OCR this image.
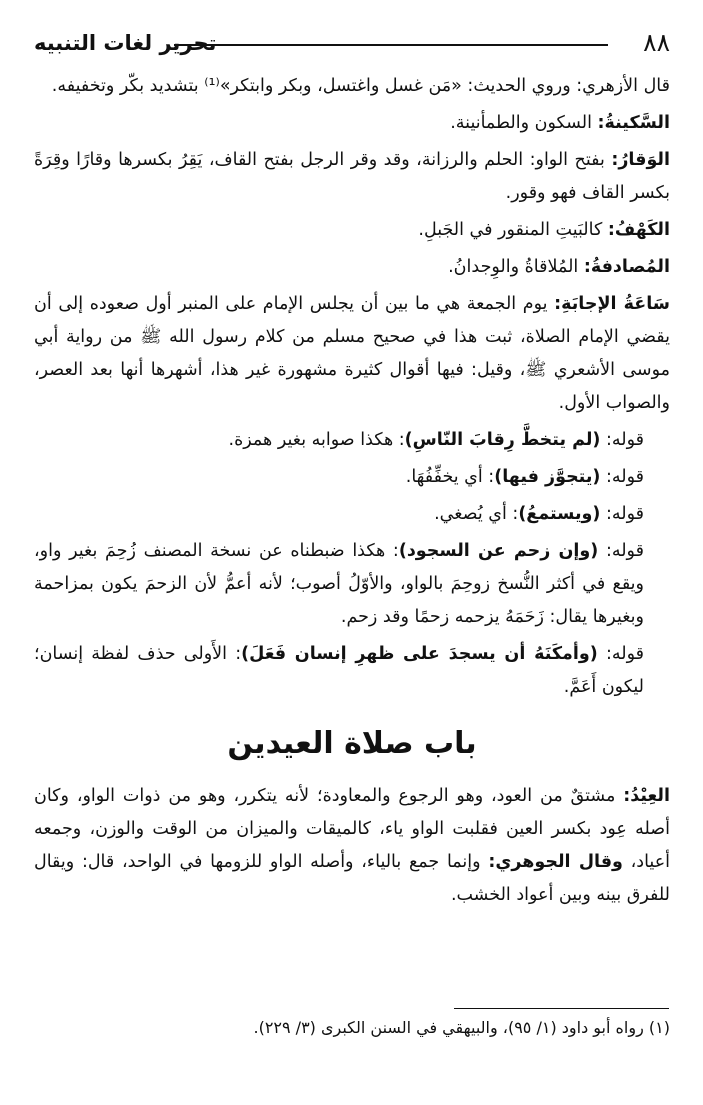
تحرير لغات التنبيه	٨٨

قال الأزهري: وروي الحديث: «مَن غسل واغتسل، وبكر وابتكر»⁽¹⁾ بتشديد بكّر وتخفيفه.

السَّكينةُ: السكون والطمأنينة.

الوَقارُ: بفتح الواو: الحلم والرزانة، وقد وقر الرجل بفتح القاف، يَقِرُ بكسرها وقارًا وقِرَةً بكسر القاف فهو وقور.

الكَهْفُ: كالبَيتِ المنقور في الجَبلِ.

المُصادفةُ: المُلاقاةُ والوِجدانُ.

سَاعَةُ الإجابَةِ: يوم الجمعة هي ما بين أن يجلس الإمام على المنبر أول صعوده إلى أن يقضي الإمام الصلاة، ثبت هذا في صحيح مسلم من كلام رسول الله ﷺ من رواية أبي موسى الأشعري ﷺ، وقيل: فيها أقوال كثيرة مشهورة غير هذا، أشهرها أنها بعد العصر، والصواب الأول.

قوله: (لم يتخطَّ رِقابَ النّاسِ): هكذا صوابه بغير همزة.

قوله: (يتجوَّز فيها): أي يخفِّفُهَا.

قوله: (ويستمعُ): أي يُصغي.

قوله: (وإن زحم عن السجود): هكذا ضبطناه عن نسخة المصنف زُحِمَ بغير واو، ويقع في أكثر النُّسخ زوحِمَ بالواو، والأوّلُ أصوب؛ لأنه أعمُّ لأن الزحمَ يكون بمزاحمة وبغيرها يقال: زَحَمَهُ يزحمه زحمًا وقد زحم.

قوله: (وأمكَنَهُ أن يسجدَ على ظهرِ إنسان فَعَلَ): الأَولى حذف لفظة إنسان؛ ليكون أَعَمَّ.

باب صلاة العيدين

العِيْدُ: مشتقٌ من العود، وهو الرجوع والمعاودة؛ لأنه يتكرر، وهو من ذوات الواو، وكان أصله عِود بكسر العين فقلبت الواو ياء، كالميقات والميزان من الوقت والوزن، وجمعه أعياد، وقال الجوهري: وإنما جمع بالياء، وأصله الواو للزومها في الواحد، قال: ويقال للفرق بينه وبين أعواد الخشب.

(١) رواه أبو داود (١/ ٩٥)، والبيهقي في السنن الكبرى (٣/ ٢٢٩).
